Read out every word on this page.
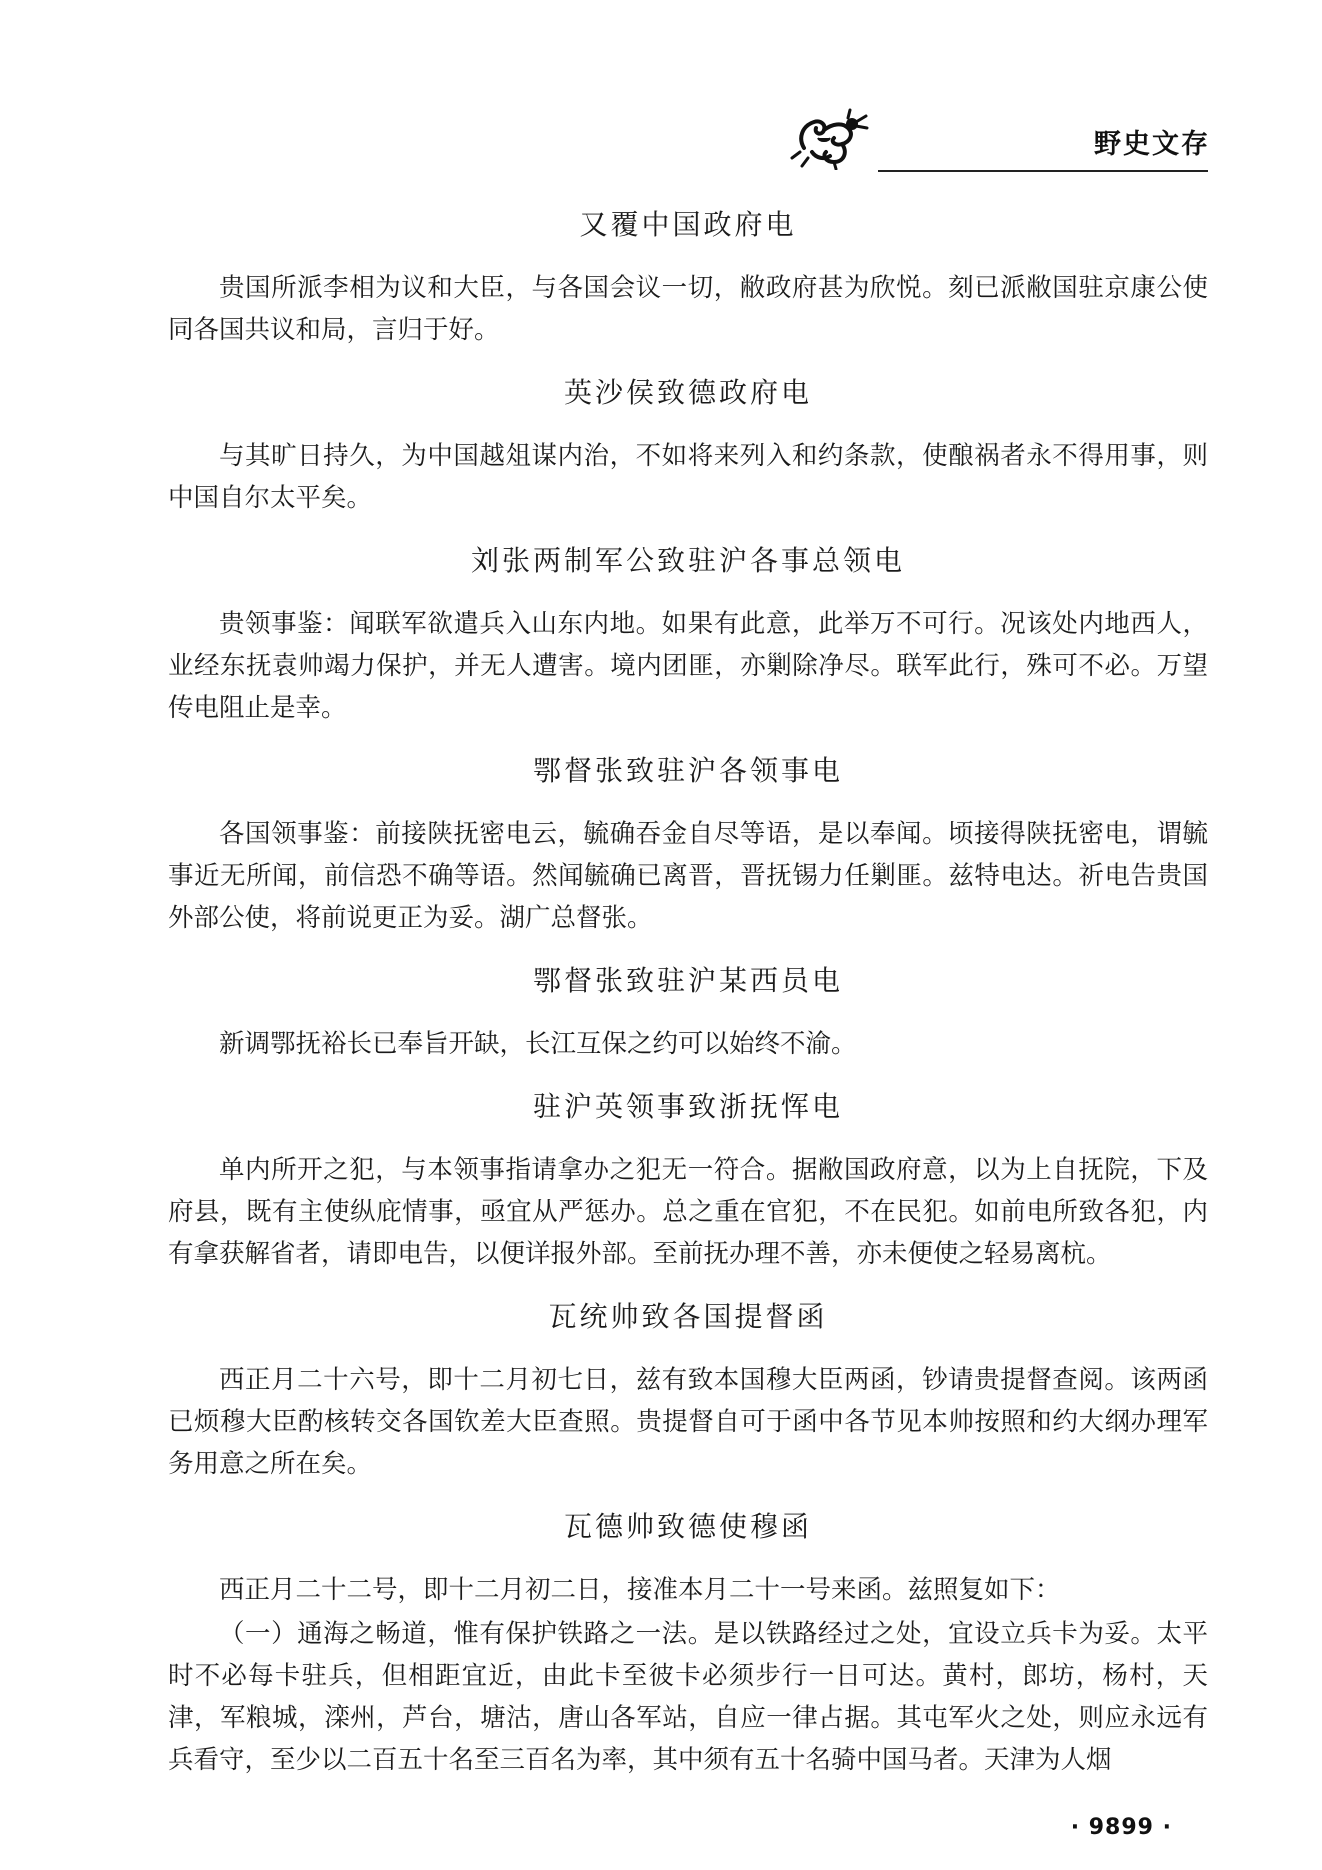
野史文存
又覆中国政府电

贵国所派李相为议和大臣，与各国会议一切，敝政府甚为欣悦。刻已派敝国驻京康公使同各国共议和局，言归于好。

英沙侯致德政府电

与其旷日持久，为中国越俎谋内治，不如将来列入和约条款，使酿祸者永不得用事，则中国自尔太平矣。

刘张两制军公致驻沪各事总领电

贵领事鉴：闻联军欲遣兵入山东内地。如果有此意，此举万不可行。况该处内地西人，业经东抚袁帅竭力保护，并无人遭害。境内团匪，亦剿除净尽。联军此行，殊可不必。万望传电阻止是幸。

鄂督张致驻沪各领事电

各国领事鉴：前接陕抚密电云，毓确吞金自尽等语，是以奉闻。顷接得陕抚密电，谓毓事近无所闻，前信恐不确等语。然闻毓确已离晋，晋抚锡力任剿匪。兹特电达。祈电告贵国外部公使，将前说更正为妥。湖广总督张。

鄂督张致驻沪某西员电

新调鄂抚裕长已奉旨开缺，长江互保之约可以始终不渝。

驻沪英领事致浙抚恽电

单内所开之犯，与本领事指请拿办之犯无一符合。据敝国政府意，以为上自抚院，下及府县，既有主使纵庇情事，亟宜从严惩办。总之重在官犯，不在民犯。如前电所致各犯，内有拿获解省者，请即电告，以便详报外部。至前抚办理不善，亦未便使之轻易离杭。

瓦统帅致各国提督函

西正月二十六号，即十二月初七日，兹有致本国穆大臣两函，钞请贵提督查阅。该两函已烦穆大臣酌核转交各国钦差大臣查照。贵提督自可于函中各节见本帅按照和约大纲办理军务用意之所在矣。

瓦德帅致德使穆函

西正月二十二号，即十二月初二日，接准本月二十一号来函。兹照复如下：

（一）通海之畅道，惟有保护铁路之一法。是以铁路经过之处，宜设立兵卡为妥。太平时不必每卡驻兵，但相距宜近，由此卡至彼卡必须步行一日可达。黄村，郎坊，杨村，天津，军粮城，滦州，芦台，塘沽，唐山各军站，自应一律占据。其屯军火之处，则应永远有兵看守，至少以二百五十名至三百名为率，其中须有五十名骑中国马者。天津为人烟

· 9899 ·
